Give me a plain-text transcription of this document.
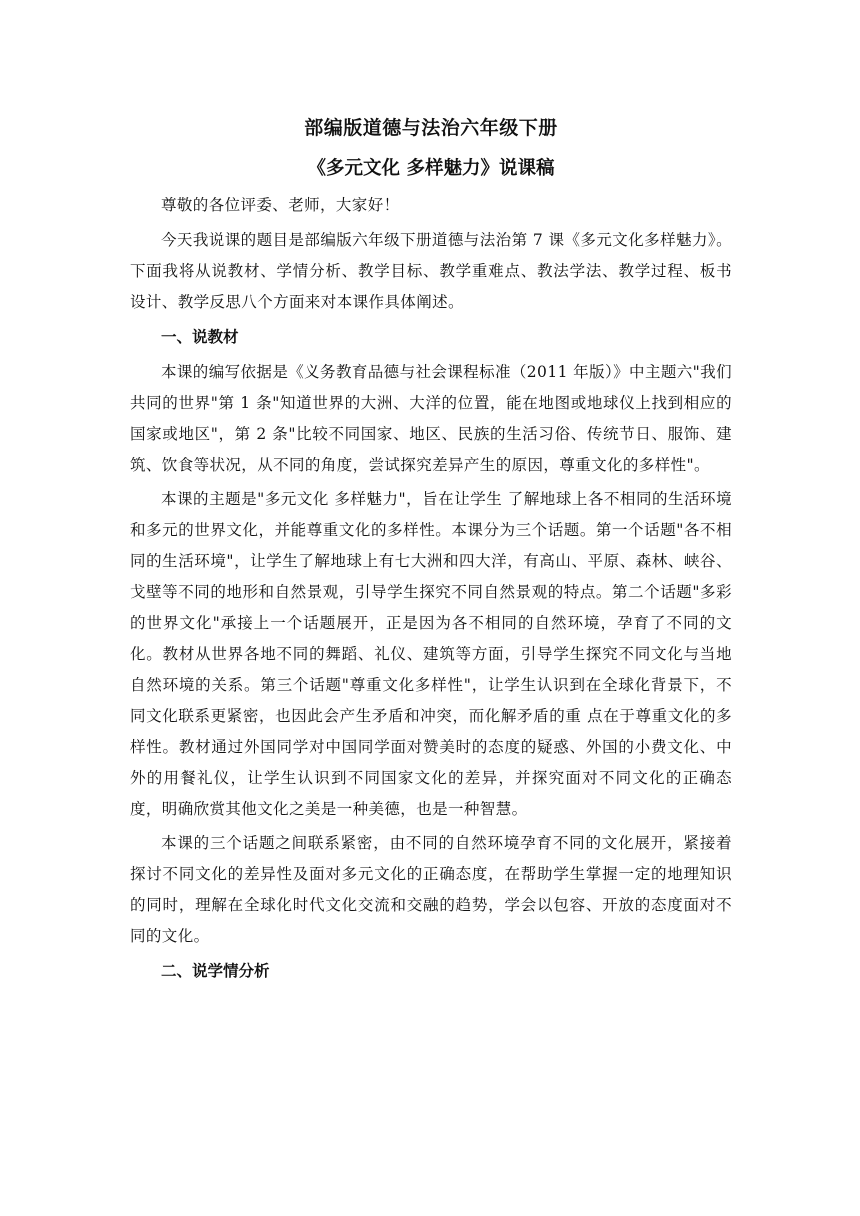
部编版道德与法治六年级下册
《多元文化 多样魅力》说课稿

尊敬的各位评委、老师，大家好！

今天我说课的题目是部编版六年级下册道德与法治第 7 课《多元文化多样魅力》。下面我将从说教材、学情分析、教学目标、教学重难点、教法学法、教学过程、板书设计、教学反思八个方面来对本课作具体阐述。

一、说教材

本课的编写依据是《义务教育品德与社会课程标准（2011 年版）》中主题六"我们共同的世界"第 1 条"知道世界的大洲、大洋的位置，能在地图或地球仪上找到相应的国家或地区"，第 2 条"比较不同国家、地区、民族的生活习俗、传统节日、服饰、建筑、饮食等状况，从不同的角度，尝试探究差异产生的原因，尊重文化的多样性"。

本课的主题是"多元文化 多样魅力"，旨在让学生 了解地球上各不相同的生活环境和多元的世界文化，并能尊重文化的多样性。本课分为三个话题。第一个话题"各不相同的生活环境"，让学生了解地球上有七大洲和四大洋，有高山、平原、森林、峡谷、戈壁等不同的地形和自然景观，引导学生探究不同自然景观的特点。第二个话题"多彩的世界文化"承接上一个话题展开，正是因为各不相同的自然环境，孕育了不同的文化。教材从世界各地不同的舞蹈、礼仪、建筑等方面，引导学生探究不同文化与当地自然环境的关系。第三个话题"尊重文化多样性"，让学生认识到在全球化背景下，不同文化联系更紧密，也因此会产生矛盾和冲突，而化解矛盾的重 点在于尊重文化的多样性。教材通过外国同学对中国同学面对赞美时的态度的疑惑、外国的小费文化、中外的用餐礼仪，让学生认识到不同国家文化的差异，并探究面对不同文化的正确态度，明确欣赏其他文化之美是一种美德，也是一种智慧。

本课的三个话题之间联系紧密，由不同的自然环境孕育不同的文化展开，紧接着探讨不同文化的差异性及面对多元文化的正确态度，在帮助学生掌握一定的地理知识的同时，理解在全球化时代文化交流和交融的趋势，学会以包容、开放的态度面对不同的文化。

二、说学情分析
